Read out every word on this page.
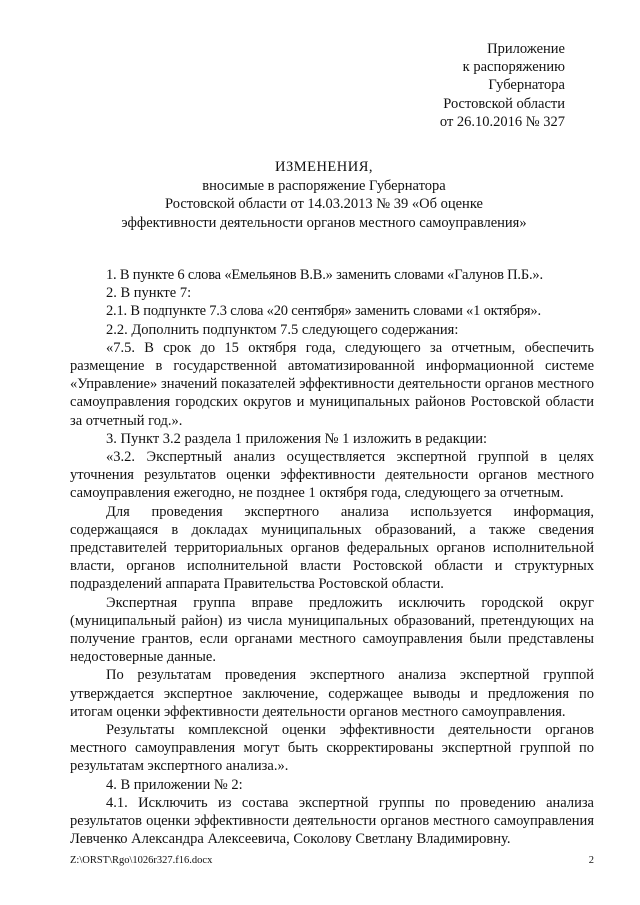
Приложение
к распоряжению
Губернатора
Ростовской области
от 26.10.2016 № 327
ИЗМЕНЕНИЯ,
вносимые в распоряжение Губернатора
Ростовской области от 14.03.2013 № 39 «Об оценке
эффективности деятельности органов местного самоуправления»

1. В пункте 6 слова «Емельянов В.В.» заменить словами «Галунов П.Б.».

2. В пункте 7:

2.1. В подпункте 7.3 слова «20 сентября» заменить словами «1 октября».

2.2. Дополнить подпунктом 7.5 следующего содержания:

«7.5. В срок до 15 октября года, следующего за отчетным, обеспечить размещение в государственной автоматизированной информационной системе «Управление» значений показателей эффективности деятельности органов местного самоуправления городских округов и муниципальных районов Ростовской области за отчетный год.».

3. Пункт 3.2 раздела 1 приложения № 1 изложить в редакции:

«3.2. Экспертный анализ осуществляется экспертной группой в целях уточнения результатов оценки эффективности деятельности органов местного самоуправления ежегодно, не позднее 1 октября года, следующего за отчетным.

Для проведения экспертного анализа используется информация, содержащаяся в докладах муниципальных образований, а также сведения представителей территориальных органов федеральных органов исполнительной власти, органов исполнительной власти Ростовской области и структурных подразделений аппарата Правительства Ростовской области.

Экспертная группа вправе предложить исключить городской округ (муниципальный район) из числа муниципальных образований, претендующих на получение грантов, если органами местного самоуправления были представлены недостоверные данные.

По результатам проведения экспертного анализа экспертной группой утверждается экспертное заключение, содержащее выводы и предложения по итогам оценки эффективности деятельности органов местного самоуправления.

Результаты комплексной оценки эффективности деятельности органов местного самоуправления могут быть скорректированы экспертной группой по результатам экспертного анализа.».

4. В приложении № 2:

4.1. Исключить из состава экспертной группы по проведению анализа результатов оценки эффективности деятельности органов местного самоуправления Левченко Александра Алексеевича, Соколову Светлану Владимировну.

Z:\ORST\Rgo\1026r327.f16.docx	2
